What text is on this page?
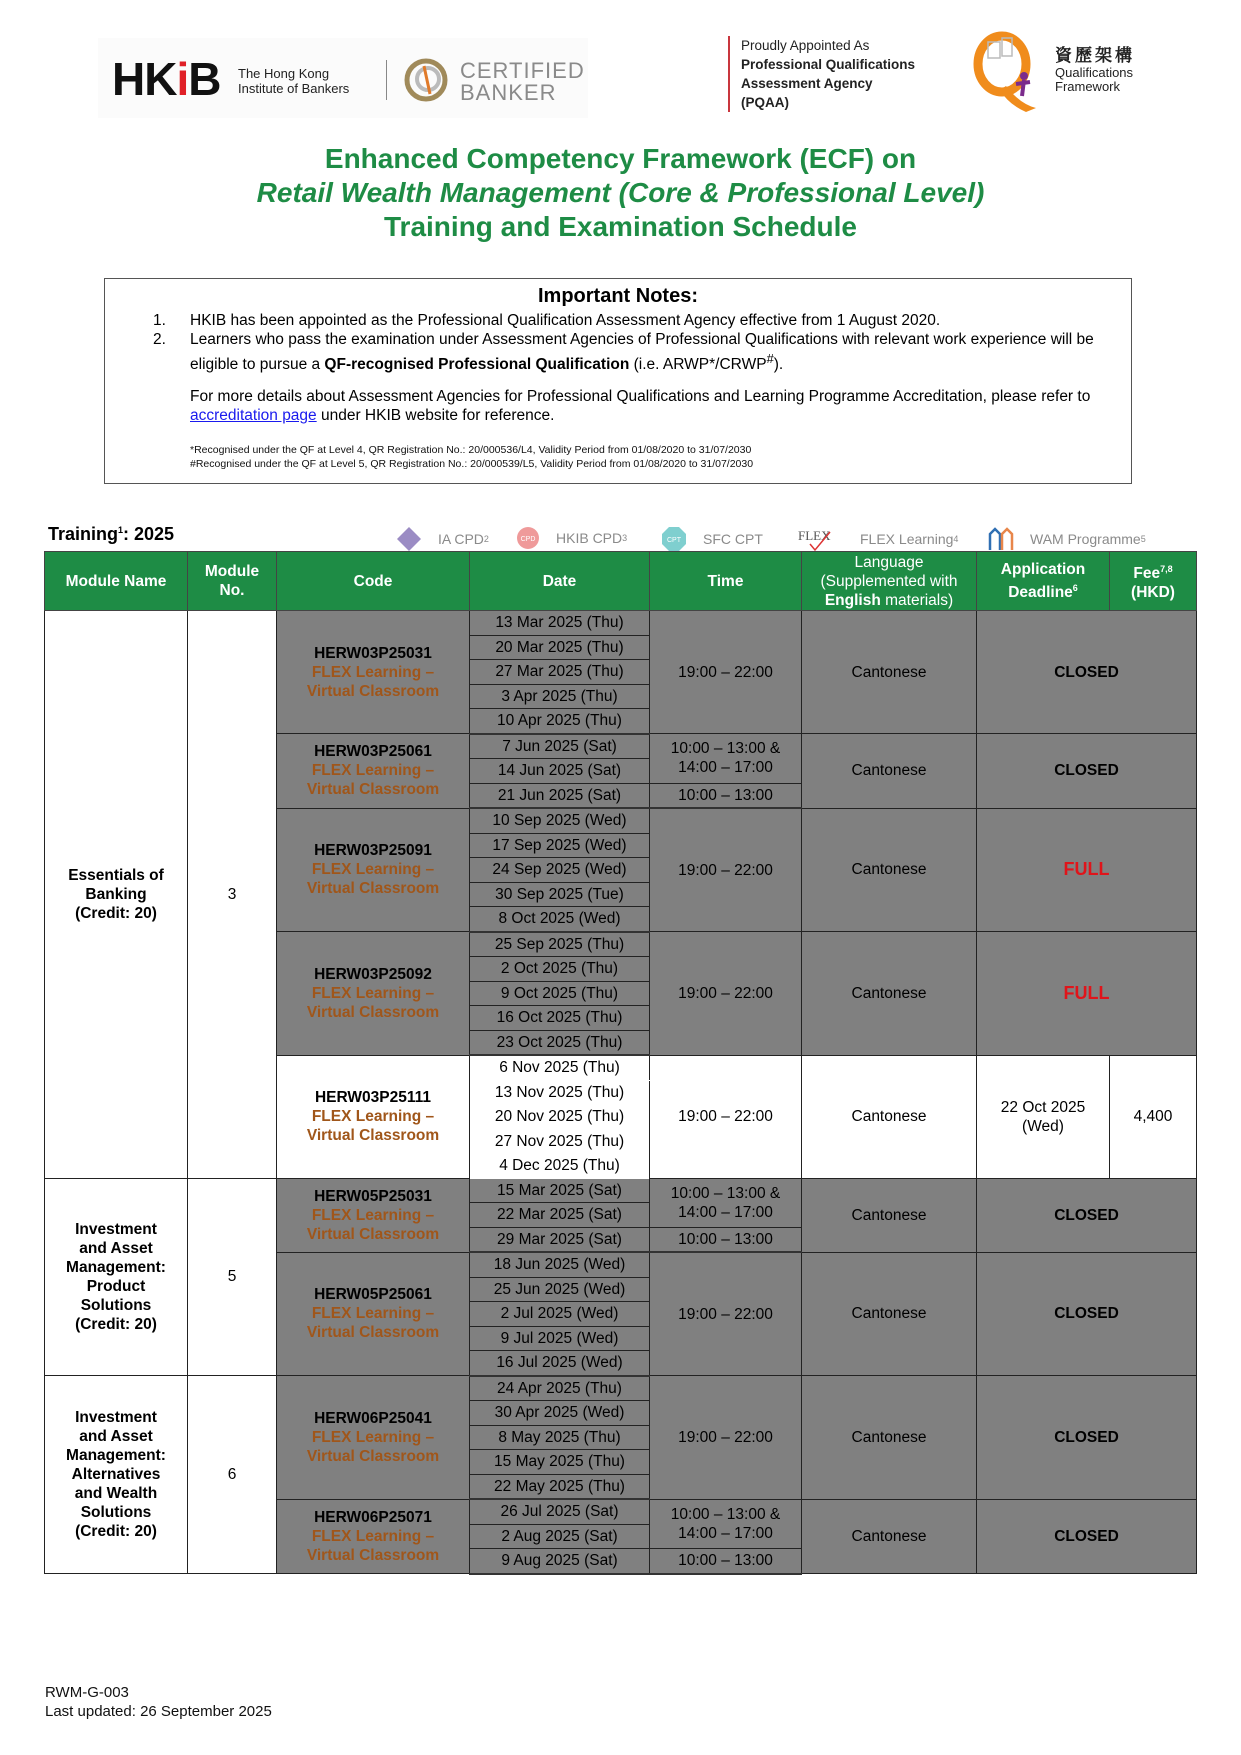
HKiB The Hong Kong
Institute of Bankers
CERTIFIED
BANKER
Proudly Appointed As
Professional Qualifications
Assessment Agency
(PQAA)
資歷架構
Qualifications
Framework
Enhanced Competency Framework (ECF) on
Retail Wealth Management (Core & Professional Level)
Training and Examination Schedule
Important Notes:
1. HKIB has been appointed as the Professional Qualification Assessment Agency effective from 1 August 2020.
2. Learners who pass the examination under Assessment Agencies of Professional Qualifications with relevant work experience will be eligible to pursue a QF-recognised Professional Qualification (i.e. ARWP*/CRWP#).
For more details about Assessment Agencies for Professional Qualifications and Learning Programme Accreditation, please refer to accreditation page under HKIB website for reference.
*Recognised under the QF at Level 4, QR Registration No.: 20/000536/L4, Validity Period from 01/08/2020 to 31/07/2030
#Recognised under the QF at Level 5, QR Registration No.: 20/000539/L5, Validity Period from 01/08/2020 to 31/07/2030
Training$^1$: 2025	IA CPD 2	CPD HKIB CPD 3	CPT SFC CPT	FLEX FLEX Learning 4	WAM Programme 5
Module Name	Module
No.	Code	Date	Time	Language
(Supplemented with
English materials)	Application
Deadline$^6$	Fee$^{7,8}$
(HKD)
Essentials of
Banking
(Credit: 20)	3	HERW03P25031
FLEX Learning –
Virtual Classroom	13 Mar 2025 (Thu)	19:00 – 22:00	Cantonese	CLOSED	
			20 Mar 2025 (Thu)				
			27 Mar 2025 (Thu)				
			3 Apr 2025 (Thu)				
			10 Apr 2025 (Thu)				
		HERW03P25061
FLEX Learning –
Virtual Classroom	7 Jun 2025 (Sat)	10:00 – 13:00 & 14:00 – 17:00	Cantonese	CLOSED	
			14 Jun 2025 (Sat)				
			21 Jun 2025 (Sat)	10:00 – 13:00			
		HERW03P25091
FLEX Learning –
Virtual Classroom	10 Sep 2025 (Wed)	19:00 – 22:00	Cantonese	FULL	
			17 Sep 2025 (Wed)				
			24 Sep 2025 (Wed)				
			30 Sep 2025 (Tue)				
			8 Oct 2025 (Wed)				
		HERW03P25092
FLEX Learning –
Virtual Classroom	25 Sep 2025 (Thu)	19:00 – 22:00	Cantonese	FULL	
			2 Oct 2025 (Thu)				
			9 Oct 2025 (Thu)				
			16 Oct 2025 (Thu)				
			23 Oct 2025 (Thu)				
		HERW03P25111
FLEX Learning –
Virtual Classroom	6 Nov 2025 (Thu)	19:00 – 22:00	Cantonese	22 Oct 2025
(Wed)	4,400
			13 Nov 2025 (Thu)				
			20 Nov 2025 (Thu)				
			27 Nov 2025 (Thu)				
			4 Dec 2025 (Thu)				
Investment
and Asset
Management:
Product
Solutions
(Credit: 20)	5	HERW05P25031
FLEX Learning –
Virtual Classroom
	15 Mar 2025 (Sat)	10:00 – 13:00 & 14:00 – 17:00	Cantonese	CLOSED
			22 Mar 2025 (Sat)				
			29 Mar 2025 (Sat)	10:00 – 13:00			
		HERW05P25061
FLEX Learning –
Virtual Classroom	18 Jun 2025 (Wed)	19:00 – 22:00	Cantonese	CLOSED	
			25 Jun 2025 (Wed)				
			2 Jul 2025 (Wed)				
			9 Jul 2025 (Wed)				
			16 Jul 2025 (Wed)				
Investment
and Asset
Management:
Alternatives
and Wealth
Solutions
(Credit: 20)	6	HERW06P25041
FLEX Learning –
Virtual Classroom
	24 Apr 2025 (Thu)	19:00 – 22:00	Cantonese	CLOSED
			30 Apr 2025 (Wed)				
			8 May 2025 (Thu)				
			15 May 2025 (Thu)				
			22 May 2025 (Thu)				
		HERW06P25071
FLEX Learning –
Virtual Classroom	26 Jul 2025 (Sat)	10:00 – 13:00 & 14:00 – 17:00	Cantonese	CLOSED	
			2 Aug 2025 (Sat)				
			9 Aug 2025 (Sat)	10:00 – 13:00			
RWM-G-003
Last updated: 26 September 2025
